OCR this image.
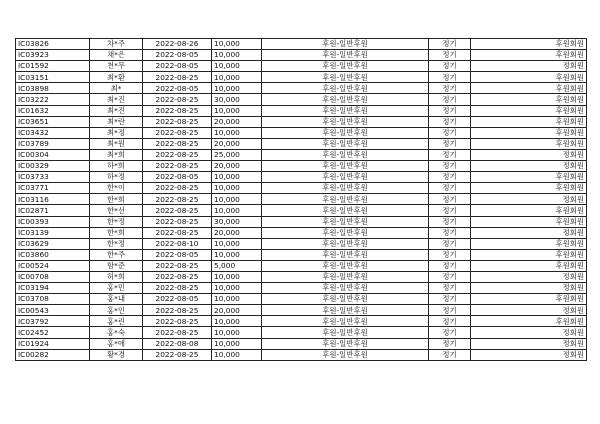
IC03826	차*주	2022-08-26	10,000	후원-일반후원	정기	후원회원
IC03923	채*은	2022-08-05	10,000	후원-일반후원	정기	후원회원
IC01592	천*무	2022-08-05	10,000	후원-일반후원	정기	정회원
IC03151	최*환	2022-08-25	10,000	후원-일반후원	정기	후원회원
IC03898	최*	2022-08-05	10,000	후원-일반후원	정기	후원회원
IC03222	최*진	2022-08-25	30,000	후원-일반후원	정기	후원회원
IC01632	최*진	2022-08-25	10,000	후원-일반후원	정기	후원회원
IC03651	최*란	2022-08-25	20,000	후원-일반후원	정기	후원회원
IC03432	최*정	2022-08-25	10,000	후원-일반후원	정기	후원회원
IC03789	최*원	2022-08-25	20,000	후원-일반후원	정기	후원회원
IC00304	최*희	2022-08-25	25,000	후원-일반후원	정기	정회원
IC00329	하*희	2022-08-25	20,000	후원-일반후원	정기	정회원
IC03733	하*정	2022-08-05	10,000	후원-일반후원	정기	후원회원
IC03771	한*이	2022-08-25	10,000	후원-일반후원	정기	후원회원
IC03116	한*희	2022-08-25	10,000	후원-일반후원	정기	정회원
IC02871	한*선	2022-08-25	10,000	후원-일반후원	정기	후원회원
IC00393	한*정	2022-08-25	30,000	후원-일반후원	정기	후원회원
IC03139	한*희	2022-08-25	20,000	후원-일반후원	정기	정회원
IC03629	한*정	2022-08-10	10,000	후원-일반후원	정기	후원회원
IC03860	한*주	2022-08-05	10,000	후원-일반후원	정기	후원회원
IC00524	함*준	2022-08-25	5,000	후원-일반후원	정기	후원회원
IC00708	허*희	2022-08-25	10,000	후원-일반후원	정기	정회원
IC03194	홍*민	2022-08-25	10,000	후원-일반후원	정기	정회원
IC03708	홍*내	2022-08-05	10,000	후원-일반후원	정기	후원회원
IC00543	홍*인	2022-08-25	20,000	후원-일반후원	정기	정회원
IC03792	홍*린	2022-08-25	10,000	후원-일반후원	정기	후원회원
IC02452	홍*숙	2022-08-25	10,000	후원-일반후원	정기	정회원
IC01924	홍*애	2022-08-08	10,000	후원-일반후원	정기	정회원
IC00282	황*경	2022-08-25	10,000	후원-일반후원	정기	정회원
